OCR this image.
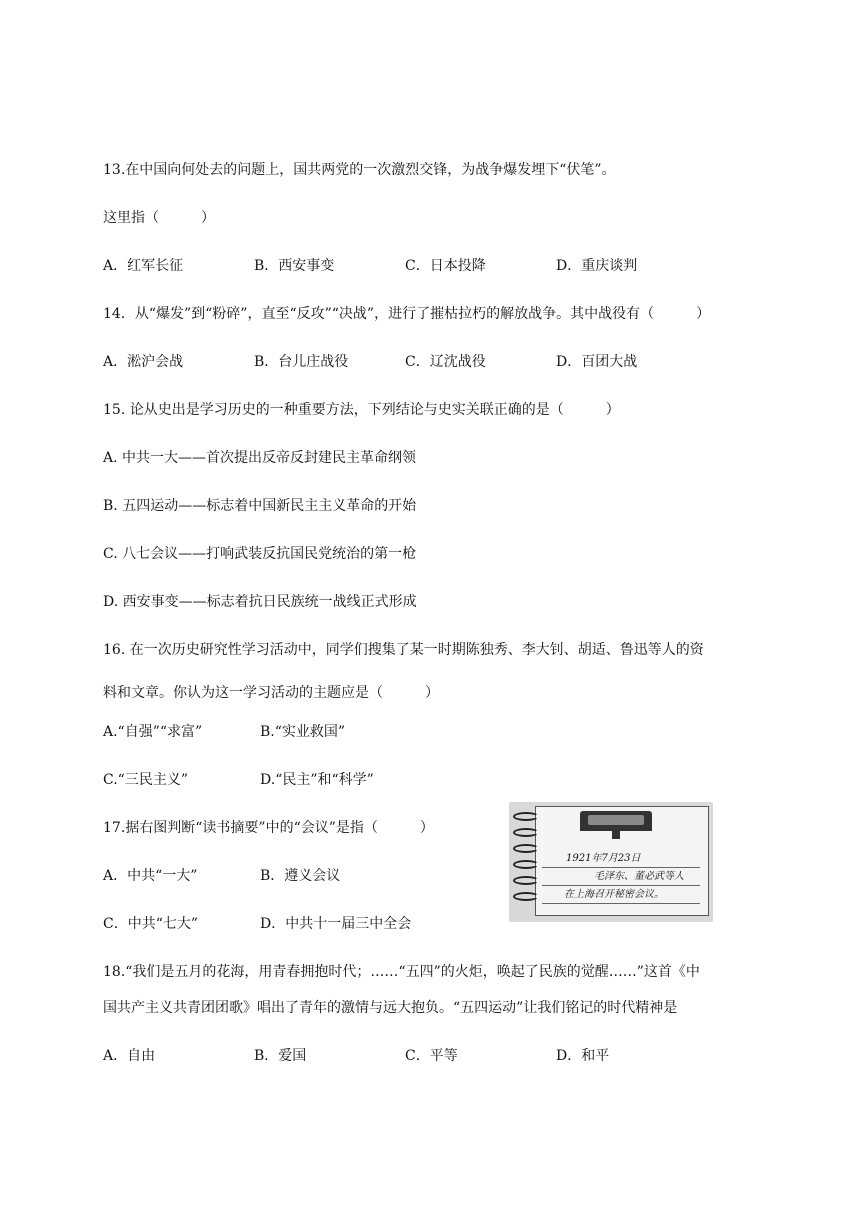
13.在中国向何处去的问题上，国共两党的一次激烈交锋，为战争爆发埋下“伏笔”。
这里指（　　　）
A．红军长征	B．西安事变	C．日本投降	D．重庆谈判
14．从“爆发”到“粉碎”，直至“反攻”“决战”，进行了摧枯拉朽的解放战争。其中战役有（　　　）
A．淞沪会战	B．台儿庄战役	C．辽沈战役	D．百团大战
15. 论从史出是学习历史的一种重要方法，下列结论与史实关联正确的是（　　　）
A. 中共一大——首次提出反帝反封建民主革命纲领
B. 五四运动——标志着中国新民主主义革命的开始
C. 八七会议——打响武装反抗国民党统治的第一枪
D. 西安事变——标志着抗日民族统一战线正式形成
16. 在一次历史研究性学习活动中，同学们搜集了某一时期陈独秀、李大钊、胡适、鲁迅等人的资
料和文章。你认为这一学习活动的主题应是（　　　）
A.“自强”“求富”	B.“实业救国”
C.“三民主义”	D.“民主”和“科学”
17.据右图判断“读书摘要”中的“会议”是指（　　　）
A．中共“一大”	B．遵义会议
C．中共“七大”	D．中共十一届三中全会
1921年7月23日
毛泽东、董必武等人
在上海召开秘密会议。
18.“我们是五月的花海，用青春拥抱时代；……“五四”的火炬，唤起了民族的觉醒……”这首《中
国共产主义共青团团歌》唱出了青年的激情与远大抱负。“五四运动”让我们铭记的时代精神是
A．自由	B．爱国	C．平等	D．和平
